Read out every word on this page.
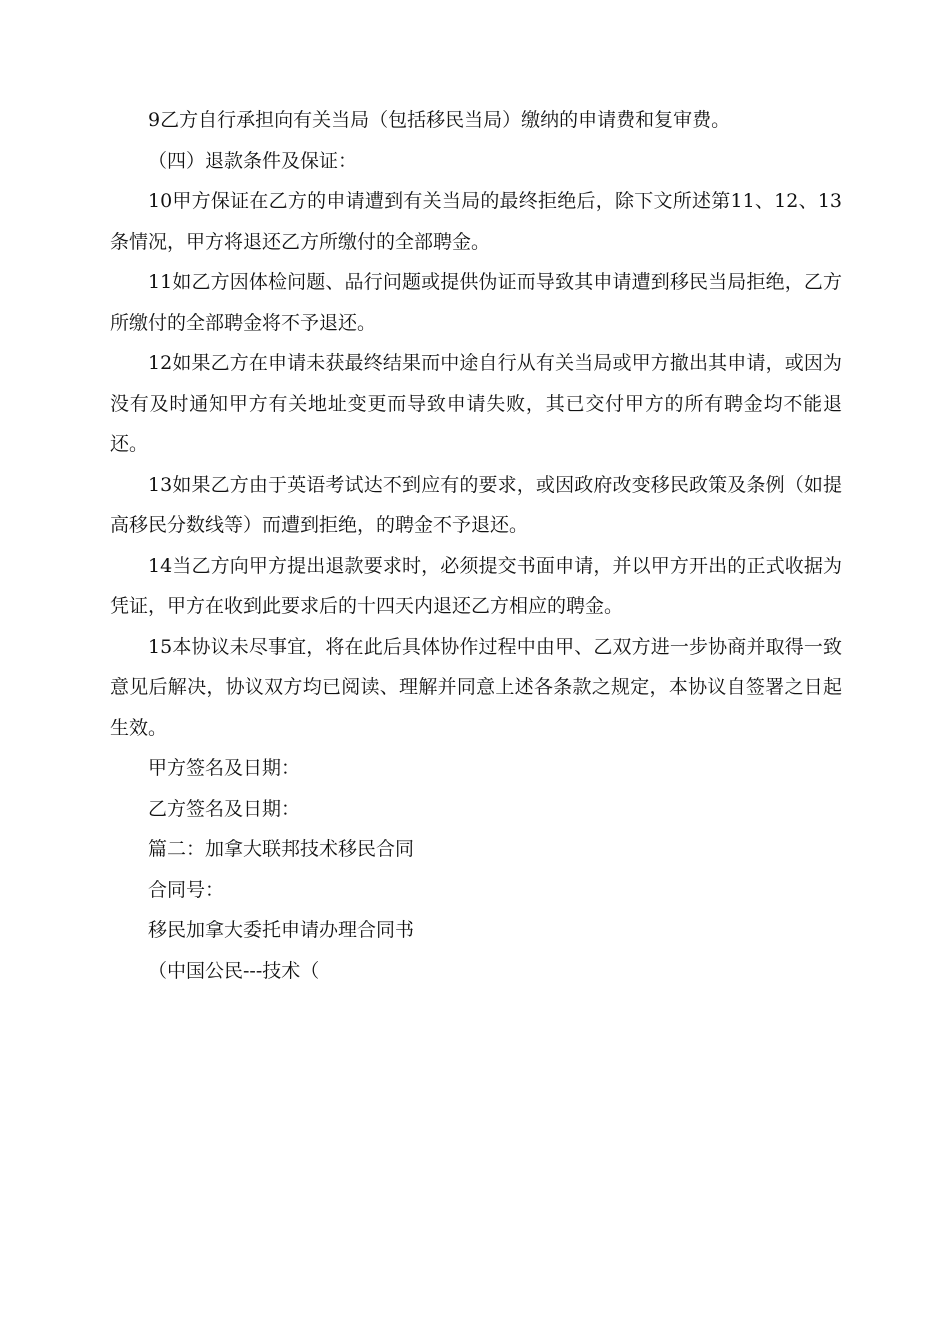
9乙方自行承担向有关当局（包括移民当局）缴纳的申请费和复审费。

（四）退款条件及保证：

10甲方保证在乙方的申请遭到有关当局的最终拒绝后，除下文所述第11、12、13条情况，甲方将退还乙方所缴付的全部聘金。

11如乙方因体检问题、品行问题或提供伪证而导致其申请遭到移民当局拒绝，乙方所缴付的全部聘金将不予退还。

12如果乙方在申请未获最终结果而中途自行从有关当局或甲方撤出其申请，或因为没有及时通知甲方有关地址变更而导致申请失败，其已交付甲方的所有聘金均不能退还。

13如果乙方由于英语考试达不到应有的要求，或因政府改变移民政策及条例（如提高移民分数线等）而遭到拒绝，的聘金不予退还。

14当乙方向甲方提出退款要求时，必须提交书面申请，并以甲方开出的正式收据为凭证，甲方在收到此要求后的十四天内退还乙方相应的聘金。

15本协议未尽事宜，将在此后具体协作过程中由甲、乙双方进一步协商并取得一致意见后解决，协议双方均已阅读、理解并同意上述各条款之规定，本协议自签署之日起生效。

甲方签名及日期：

乙方签名及日期：

篇二：加拿大联邦技术移民合同

合同号：

移民加拿大委托申请办理合同书

（中国公民---技术（
